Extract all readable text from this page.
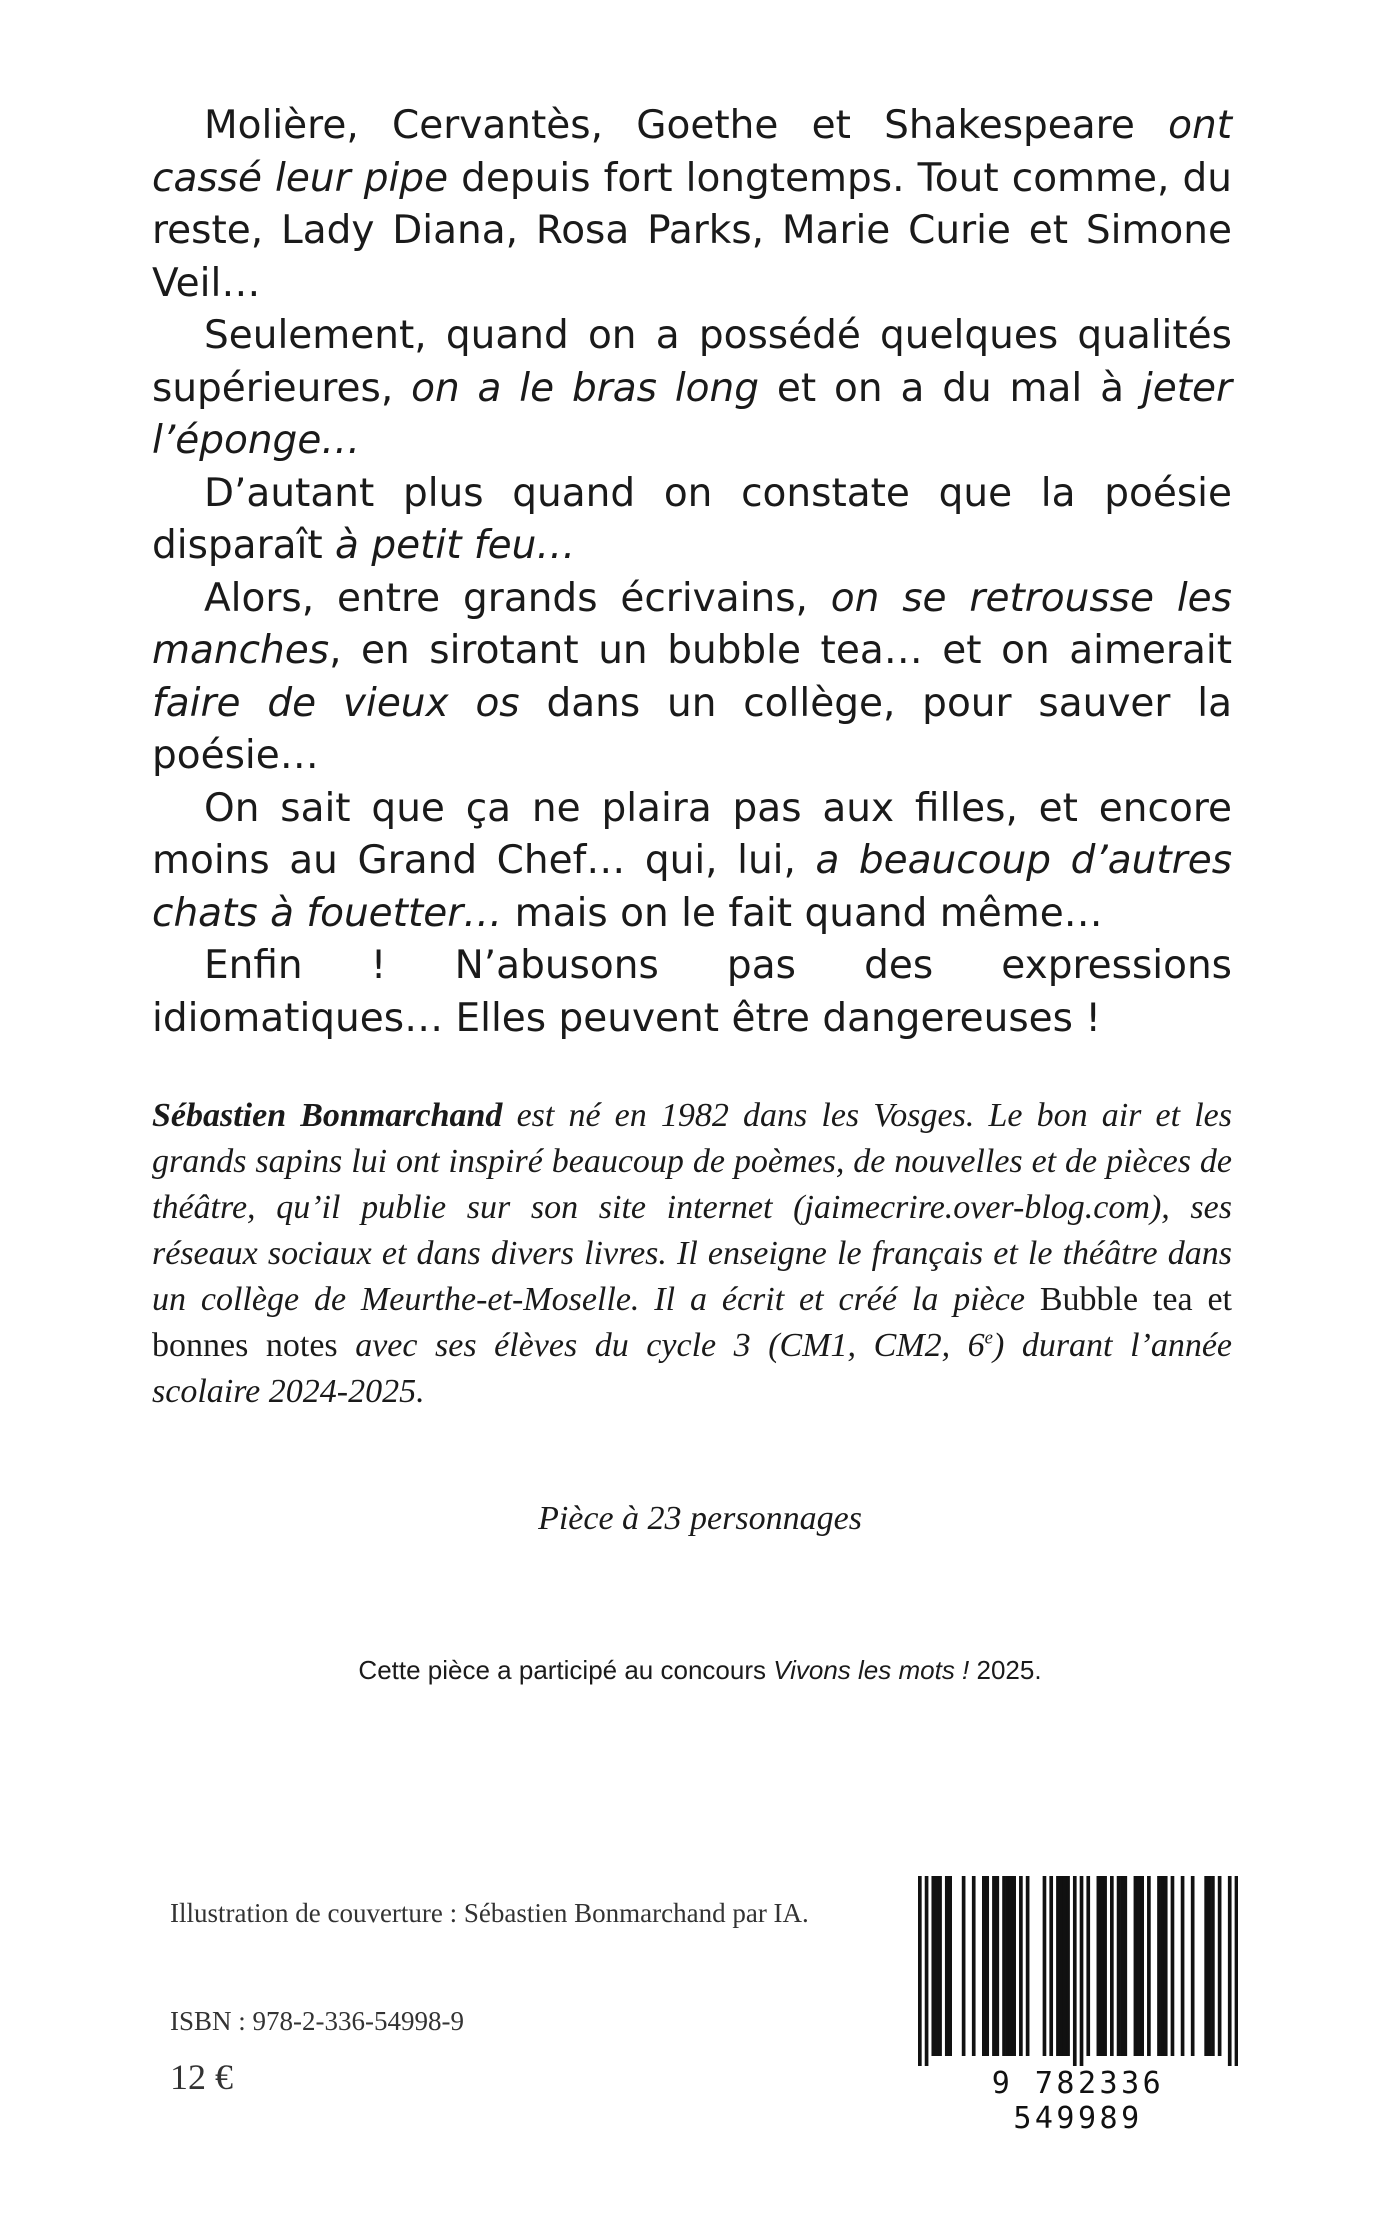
Molière, Cervantès, Goethe et Shakespeare ont cassé leur pipe depuis fort longtemps. Tout comme, du reste, Lady Diana, Rosa Parks, Marie Curie et Simone Veil…

Seulement, quand on a possédé quelques qualités supérieures, on a le bras long et on a du mal à jeter l’éponge…

D’autant plus quand on constate que la poésie disparaît à petit feu…

Alors, entre grands écrivains, on se retrousse les manches, en sirotant un bubble tea… et on aimerait faire de vieux os dans un collège, pour sauver la poésie…

On sait que ça ne plaira pas aux filles, et encore moins au Grand Chef… qui, lui, a beaucoup d’autres chats à fouetter… mais on le fait quand même…

Enfin ! N’abusons pas des expressions idiomatiques… Elles peuvent être dangereuses !

Sébastien Bonmarchand est né en 1982 dans les Vosges. Le bon air et les grands sapins lui ont inspiré beaucoup de poèmes, de nouvelles et de pièces de théâtre, qu’il publie sur son site internet (jaimecrire.over-blog.com), ses réseaux sociaux et dans divers livres. Il enseigne le français et le théâtre dans un collège de Meurthe-et-Moselle. Il a écrit et créé la pièce Bubble tea et bonnes notes avec ses élèves du cycle 3 (CM1, CM2, 6e) durant l’année scolaire 2024-2025.

Pièce à 23 personnages

Cette pièce a participé au concours Vivons les mots ! 2025.

Illustration de couverture : Sébastien Bonmarchand par IA.

ISBN : 978-2-336-54998-9

12 €	9 782336 549989
